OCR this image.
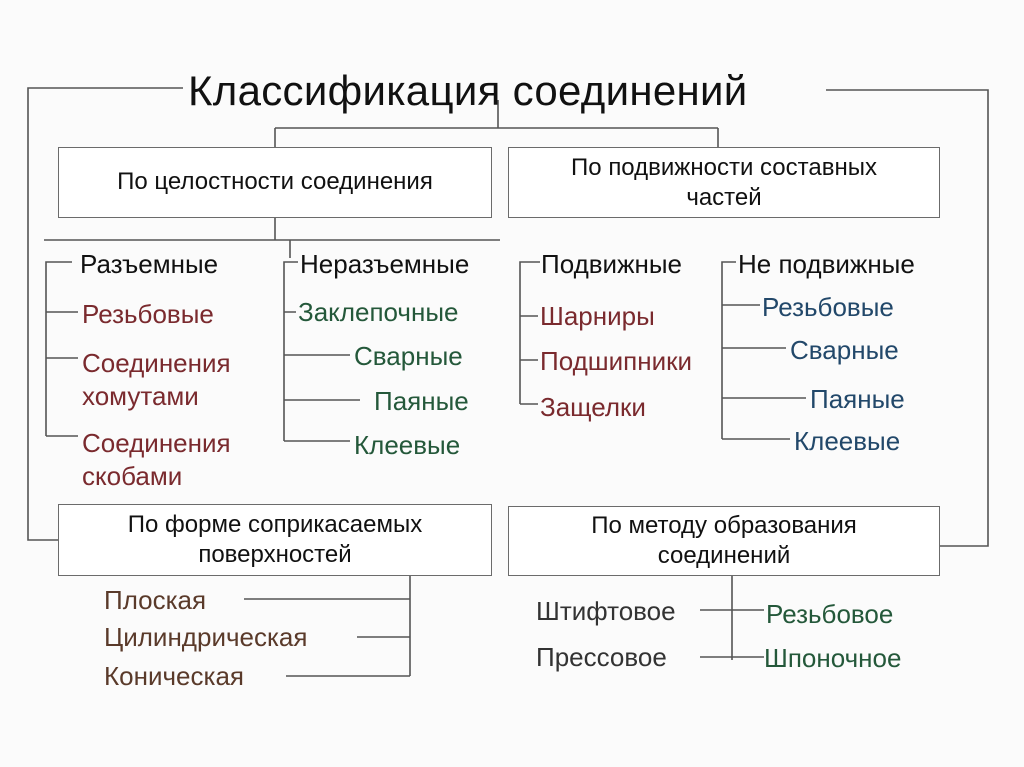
Классификация соединений
По целостности соединения
По подвижности составных
частей
По форме соприкасаемых
поверхностей
По методу образования
соединений
Разъемные
Резьбовые
Соединения
хомутами
Соединения
скобами
Неразъемные
Заклепочные
Сварные
Паяные
Клеевые
Подвижные
Шарниры
Подшипники
Защелки
Не подвижные
Резьбовые
Сварные
Паяные
Клеевые
Плоская
Цилиндрическая
Коническая
Штифтовое
Прессовое
Резьбовое
Шпоночное
